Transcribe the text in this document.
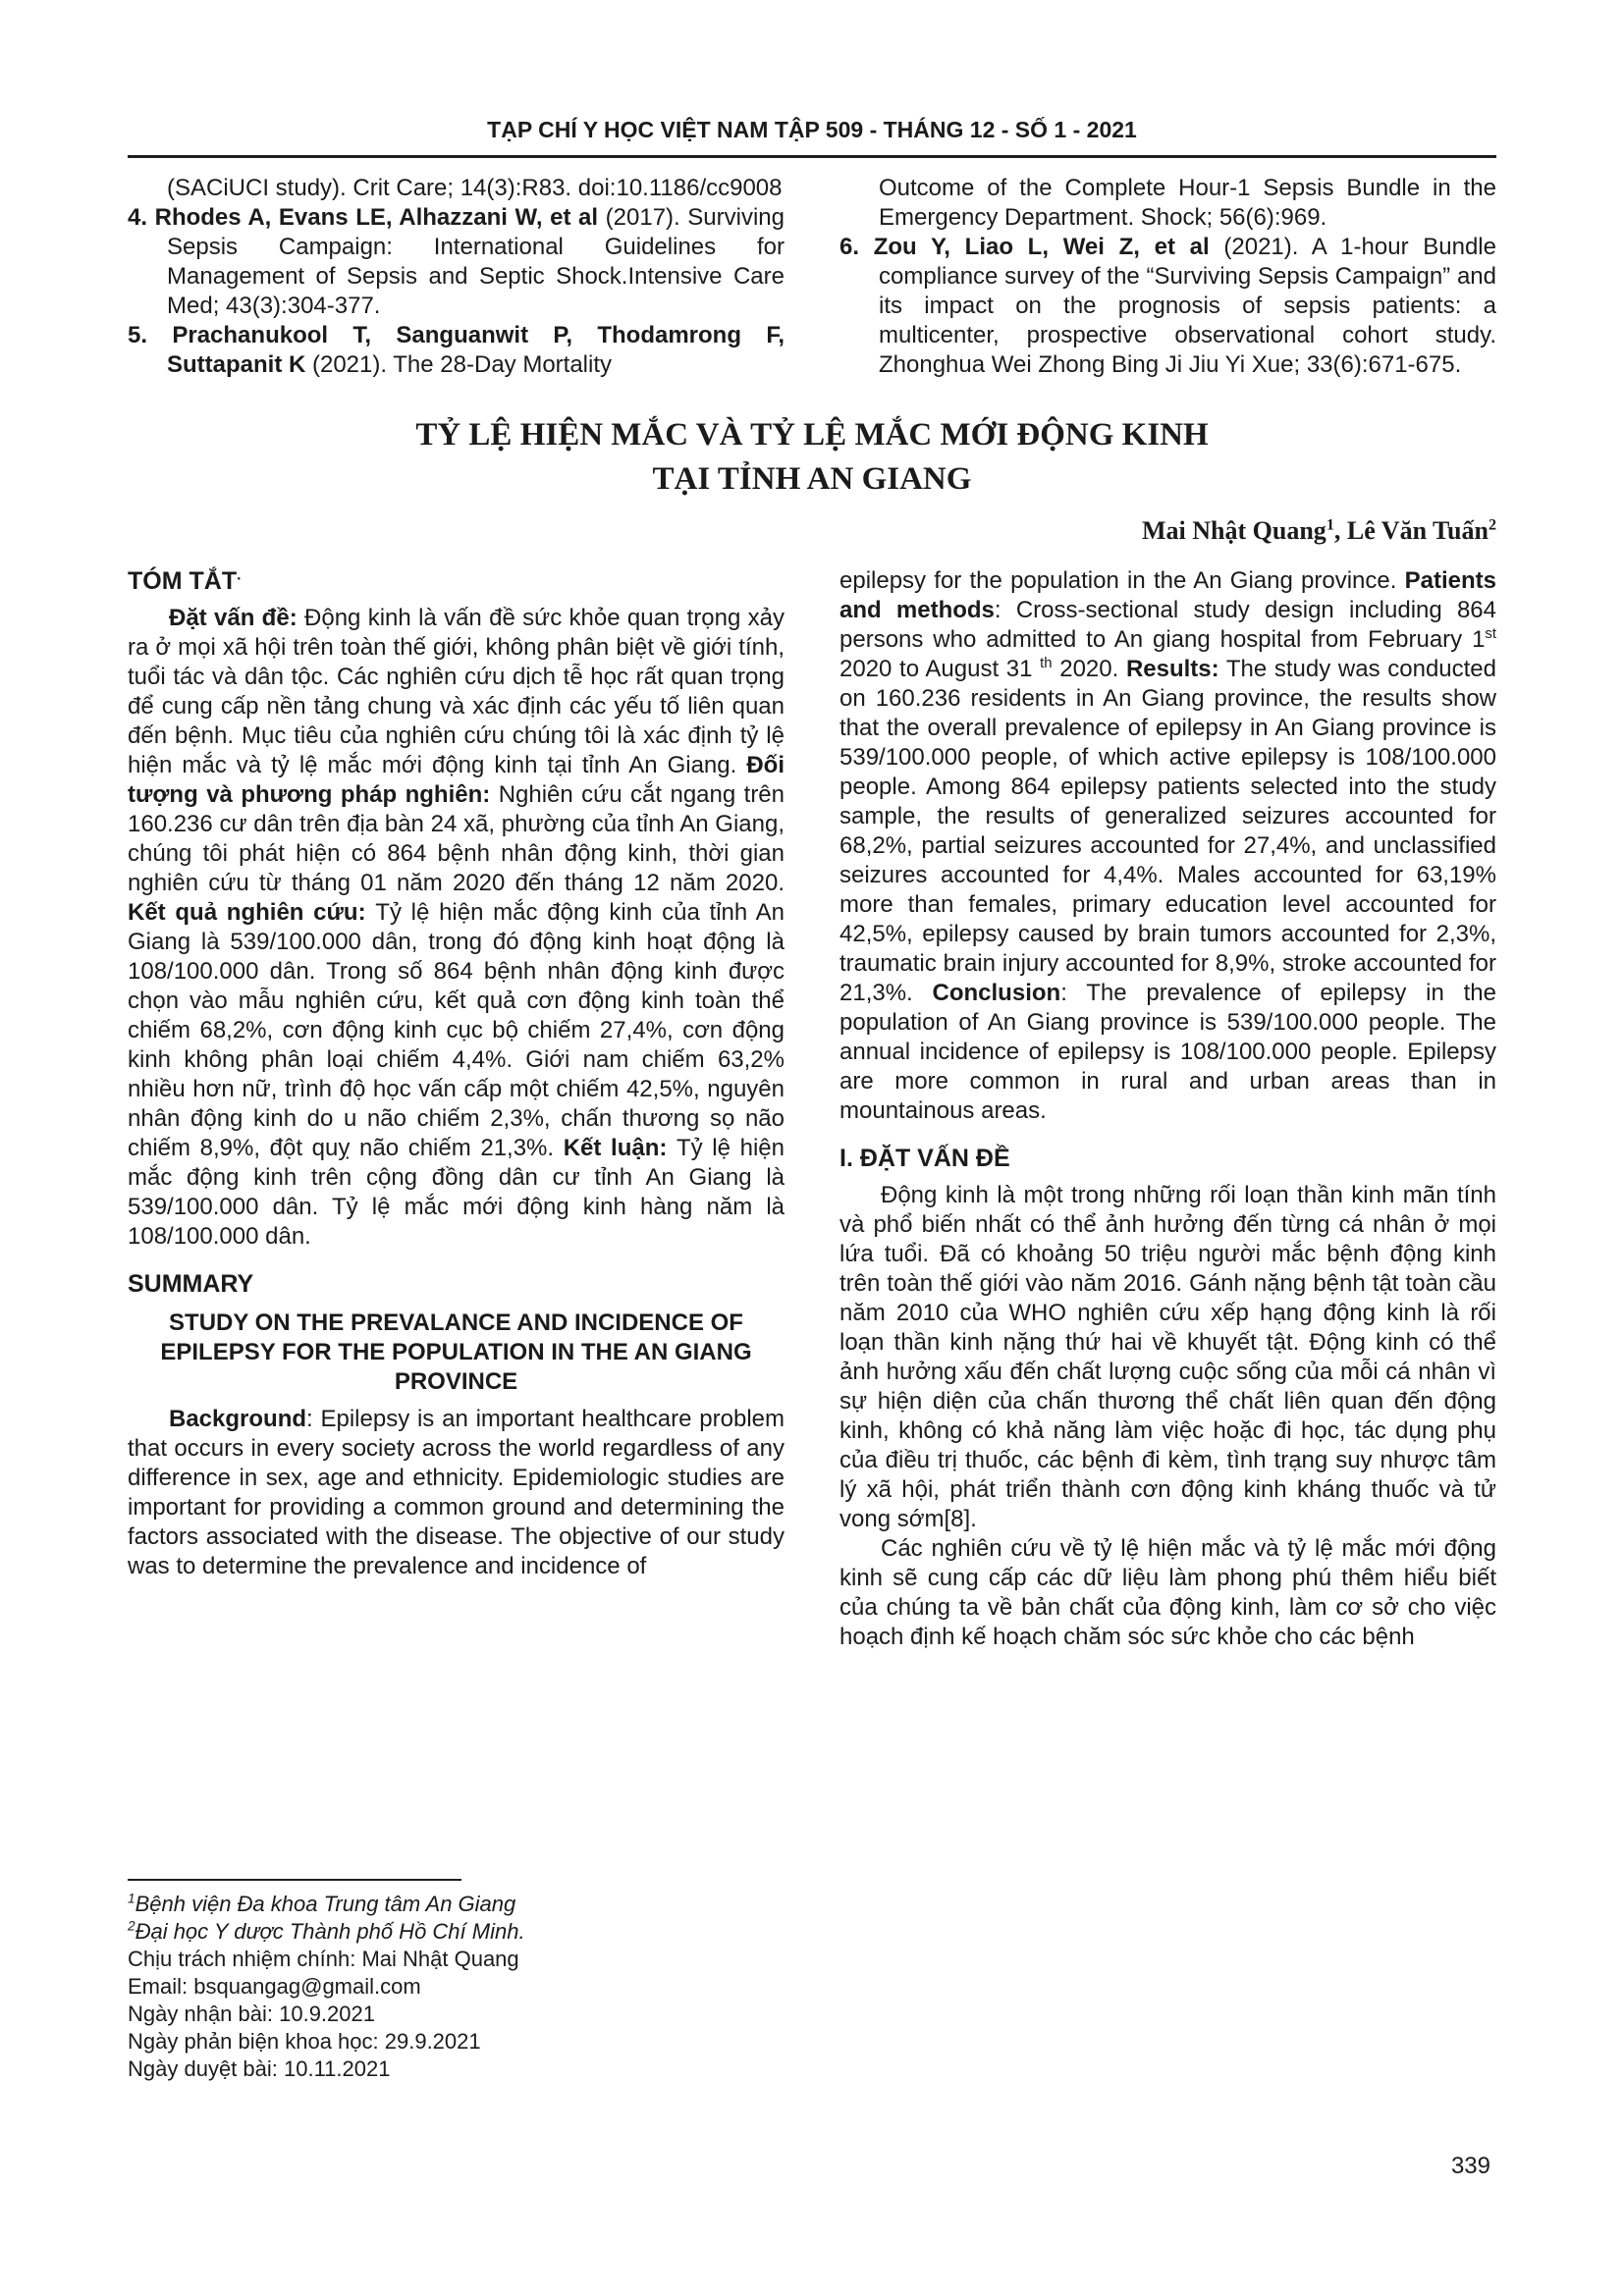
TẠP CHÍ Y HỌC VIỆT NAM TẬP 509 - THÁNG 12 - SỐ 1 - 2021

(SACiUCI study). Crit Care; 14(3):R83. doi:10.1186/cc9008

4. Rhodes A, Evans LE, Alhazzani W, et al (2017). Surviving Sepsis Campaign: International Guidelines for Management of Sepsis and Septic Shock.Intensive Care Med; 43(3):304-377.

5. Prachanukool T, Sanguanwit P, Thodamrong F, Suttapanit K (2021). The 28-Day Mortality

Outcome of the Complete Hour-1 Sepsis Bundle in the Emergency Department. Shock; 56(6):969.

6. Zou Y, Liao L, Wei Z, et al (2021). A 1-hour Bundle compliance survey of the “Surviving Sepsis Campaign” and its impact on the prognosis of sepsis patients: a multicenter, prospective observational cohort study. Zhonghua Wei Zhong Bing Ji Jiu Yi Xue; 33(6):671-675.

TỶ LỆ HIỆN MẮC VÀ TỶ LỆ MẮC MỚI ĐỘNG KINH
TẠI TỈNH AN GIANG
Mai Nhật Quang$^1$, Lê Văn Tuấn$^2$
TÓM TẮT.

Đặt vấn đề: Động kinh là vấn đề sức khỏe quan trọng xảy ra ở mọi xã hội trên toàn thế giới, không phân biệt về giới tính, tuổi tác và dân tộc. Các nghiên cứu dịch tễ học rất quan trọng để cung cấp nền tảng chung và xác định các yếu tố liên quan đến bệnh. Mục tiêu của nghiên cứu chúng tôi là xác định tỷ lệ hiện mắc và tỷ lệ mắc mới động kinh tại tỉnh An Giang. Đối tượng và phương pháp nghiên: Nghiên cứu cắt ngang trên 160.236 cư dân trên địa bàn 24 xã, phường của tỉnh An Giang, chúng tôi phát hiện có 864 bệnh nhân động kinh, thời gian nghiên cứu từ tháng 01 năm 2020 đến tháng 12 năm 2020. Kết quả nghiên cứu: Tỷ lệ hiện mắc động kinh của tỉnh An Giang là 539/100.000 dân, trong đó động kinh hoạt động là 108/100.000 dân. Trong số 864 bệnh nhân động kinh được chọn vào mẫu nghiên cứu, kết quả cơn động kinh toàn thể chiếm 68,2%, cơn động kinh cục bộ chiếm 27,4%, cơn động kinh không phân loại chiếm 4,4%. Giới nam chiếm 63,2% nhiều hơn nữ, trình độ học vấn cấp một chiếm 42,5%, nguyên nhân động kinh do u não chiếm 2,3%, chấn thương sọ não chiếm 8,9%, đột quỵ não chiếm 21,3%. Kết luận: Tỷ lệ hiện mắc động kinh trên cộng đồng dân cư tỉnh An Giang là 539/100.000 dân. Tỷ lệ mắc mới động kinh hàng năm là 108/100.000 dân.

SUMMARY
STUDY ON THE PREVALANCE AND INCIDENCE OF EPILEPSY FOR THE POPULATION IN THE AN GIANG PROVINCE

Background: Epilepsy is an important healthcare problem that occurs in every society across the world regardless of any difference in sex, age and ethnicity. Epidemiologic studies are important for providing a common ground and determining the factors associated with the disease. The objective of our study was to determine the prevalence and incidence of

$^1$Bệnh viện Đa khoa Trung tâm An Giang

$^2$Đại học Y dược Thành phố Hồ Chí Minh.

Chịu trách nhiệm chính: Mai Nhật Quang

Email: bsquangag@gmail.com

Ngày nhận bài: 10.9.2021

Ngày phản biện khoa học: 29.9.2021

Ngày duyệt bài: 10.11.2021

epilepsy for the population in the An Giang province. Patients and methods: Cross-sectional study design including 864 persons who admitted to An giang hospital from February 1st 2020 to August 31 $^{th}$ 2020. Results: The study was conducted on 160.236 residents in An Giang province, the results show that the overall prevalence of epilepsy in An Giang province is 539/100.000 people, of which active epilepsy is 108/100.000 people. Among 864 epilepsy patients selected into the study sample, the results of generalized seizures accounted for 68,2%, partial seizures accounted for 27,4%, and unclassified seizures accounted for 4,4%. Males accounted for 63,19% more than females, primary education level accounted for 42,5%, epilepsy caused by brain tumors accounted for 2,3%, traumatic brain injury accounted for 8,9%, stroke accounted for 21,3%. Conclusion: The prevalence of epilepsy in the population of An Giang province is 539/100.000 people. The annual incidence of epilepsy is 108/100.000 people. Epilepsy are more common in rural and urban areas than in mountainous areas.

I. ĐẶT VẤN ĐỀ

Động kinh là một trong những rối loạn thần kinh mãn tính và phổ biến nhất có thể ảnh hưởng đến từng cá nhân ở mọi lứa tuổi. Đã có khoảng 50 triệu người mắc bệnh động kinh trên toàn thế giới vào năm 2016. Gánh nặng bệnh tật toàn cầu năm 2010 của WHO nghiên cứu xếp hạng động kinh là rối loạn thần kinh nặng thứ hai về khuyết tật. Động kinh có thể ảnh hưởng xấu đến chất lượng cuộc sống của mỗi cá nhân vì sự hiện diện của chấn thương thể chất liên quan đến động kinh, không có khả năng làm việc hoặc đi học, tác dụng phụ của điều trị thuốc, các bệnh đi kèm, tình trạng suy nhược tâm lý xã hội, phát triển thành cơn động kinh kháng thuốc và tử vong sớm[8].

Các nghiên cứu về tỷ lệ hiện mắc và tỷ lệ mắc mới động kinh sẽ cung cấp các dữ liệu làm phong phú thêm hiểu biết của chúng ta về bản chất của động kinh, làm cơ sở cho việc hoạch định kế hoạch chăm sóc sức khỏe cho các bệnh

339
